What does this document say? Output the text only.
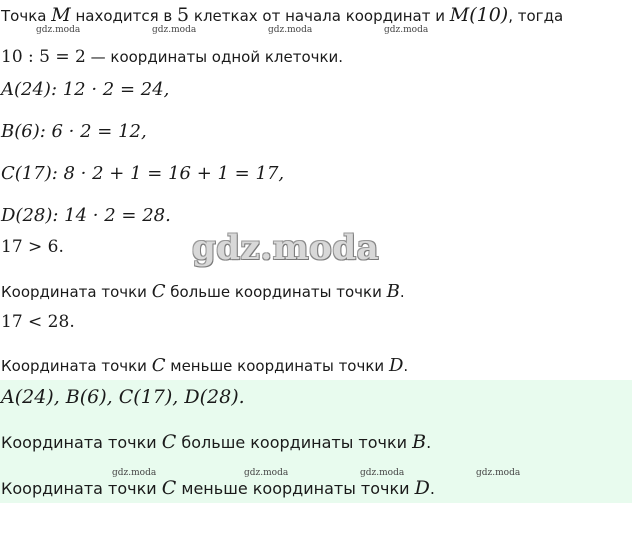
Точка M находится в 5 клетках от начала координат и M(10), тогда
10 : 5 = 2 — координаты одной клеточки.
A(24): 12 · 2 = 24,
B(6): 6 · 2 = 12,
C(17): 8 · 2 + 1 = 16 + 1 = 17,
D(28): 14 · 2 = 28.
17 > 6.
Координата точки C больше координаты точки B.
17 < 28.
Координата точки C меньше координаты точки D.
A(24), B(6), C(17), D(28).
Координата точки C больше координаты точки B.
Координата точки C меньше координаты точки D.
gdz.moda	gdz.moda	gdz.moda	gdz.moda
gdz.moda	gdz.moda	gdz.moda	gdz.moda
gdz.moda
